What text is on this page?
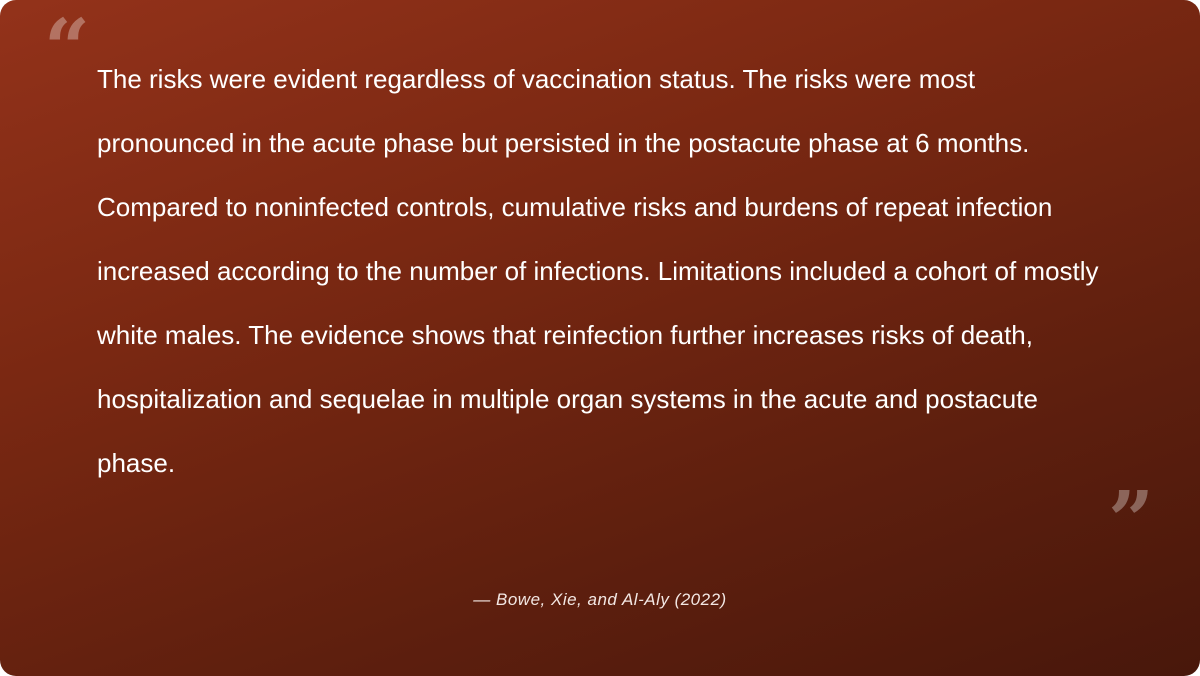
“ The risks were evident regardless of vaccination status. The risks were most pronounced in the acute phase but persisted in the postacute phase at 6 months. Compared to noninfected controls, cumulative risks and burdens of repeat infection increased according to the number of infections. Limitations included a cohort of mostly white males. The evidence shows that reinfection further increases risks of death, hospitalization and sequelae in multiple organ systems in the acute and postacute phase.

”
— Bowe, Xie, and Al-Aly (2022)
